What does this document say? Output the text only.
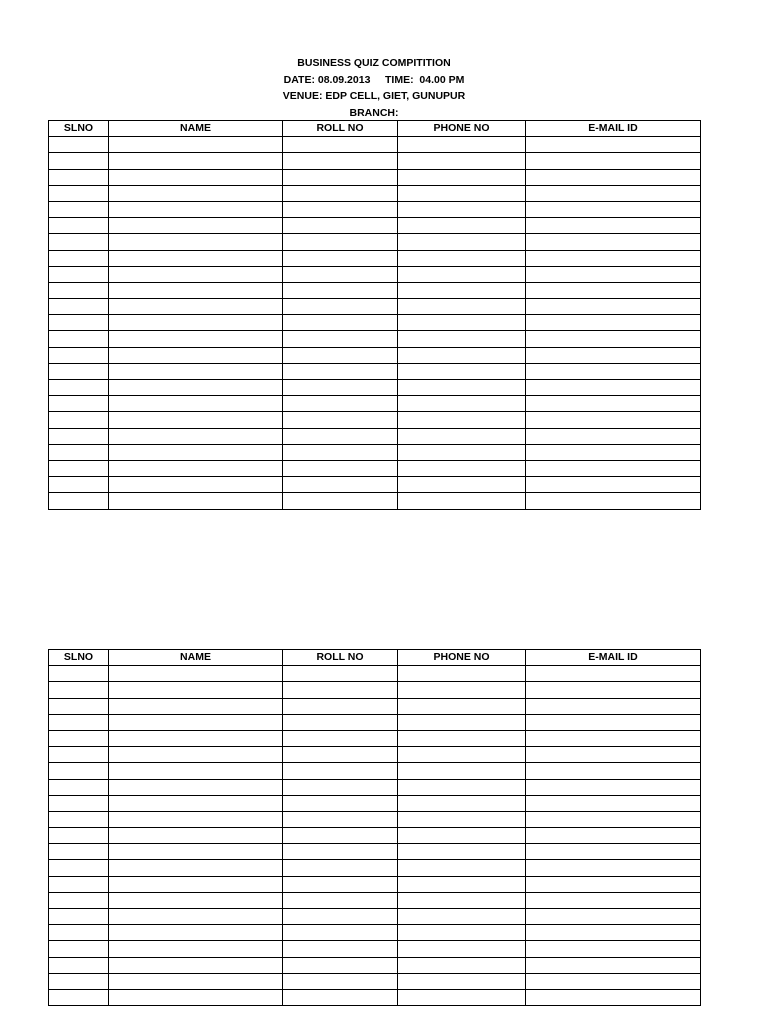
BUSINESS QUIZ COMPITITION
DATE: 08.09.2013     TIME:  04.00 PM
VENUE: EDP CELL, GIET, GUNUPUR
BRANCH:
SLNO	NAME	ROLL NO	PHONE NO	E-MAIL ID

SLNO	NAME	ROLL NO	PHONE NO	E-MAIL ID
